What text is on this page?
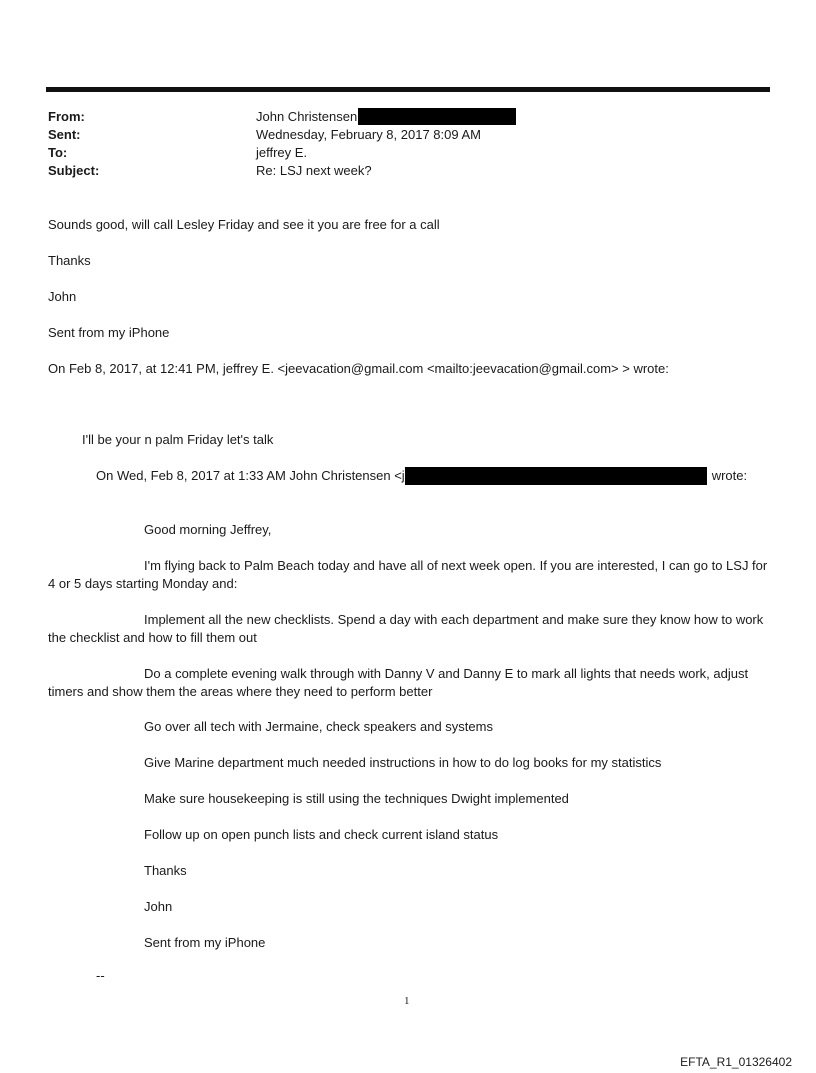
From:	John Christensen
Sent:	Wednesday, February 8, 2017 8:09 AM
To:	jeffrey E.
Subject:	Re: LSJ next week?
Sounds good, will call Lesley Friday and see it you are free for a call
Thanks
John
Sent from my iPhone
On Feb 8, 2017, at 12:41 PM, jeffrey E. <jeevacation@gmail.com <mailto:jeevacation@gmail.com> > wrote:
I'll be your n palm Friday let's talk
On Wed, Feb 8, 2017 at 1:33 AM John Christensen <j	wrote:
Good morning Jeffrey,
I'm flying back to Palm Beach today and have all of next week open. If you are interested, I can go to LSJ for 4 or 5 days starting Monday and:
Implement all the new checklists. Spend a day with each department and make sure they know how to work the checklist and how to fill them out
Do a complete evening walk through with Danny V and Danny E to mark all lights that needs work, adjust timers and show them the areas where they need to perform better
Go over all tech with Jermaine, check speakers and systems
Give Marine department much needed instructions in how to do log books for my statistics
Make sure housekeeping is still using the techniques Dwight implemented
Follow up on open punch lists and check current island status
Thanks
John
Sent from my iPhone
--
1
EFTA_R1_01326402
